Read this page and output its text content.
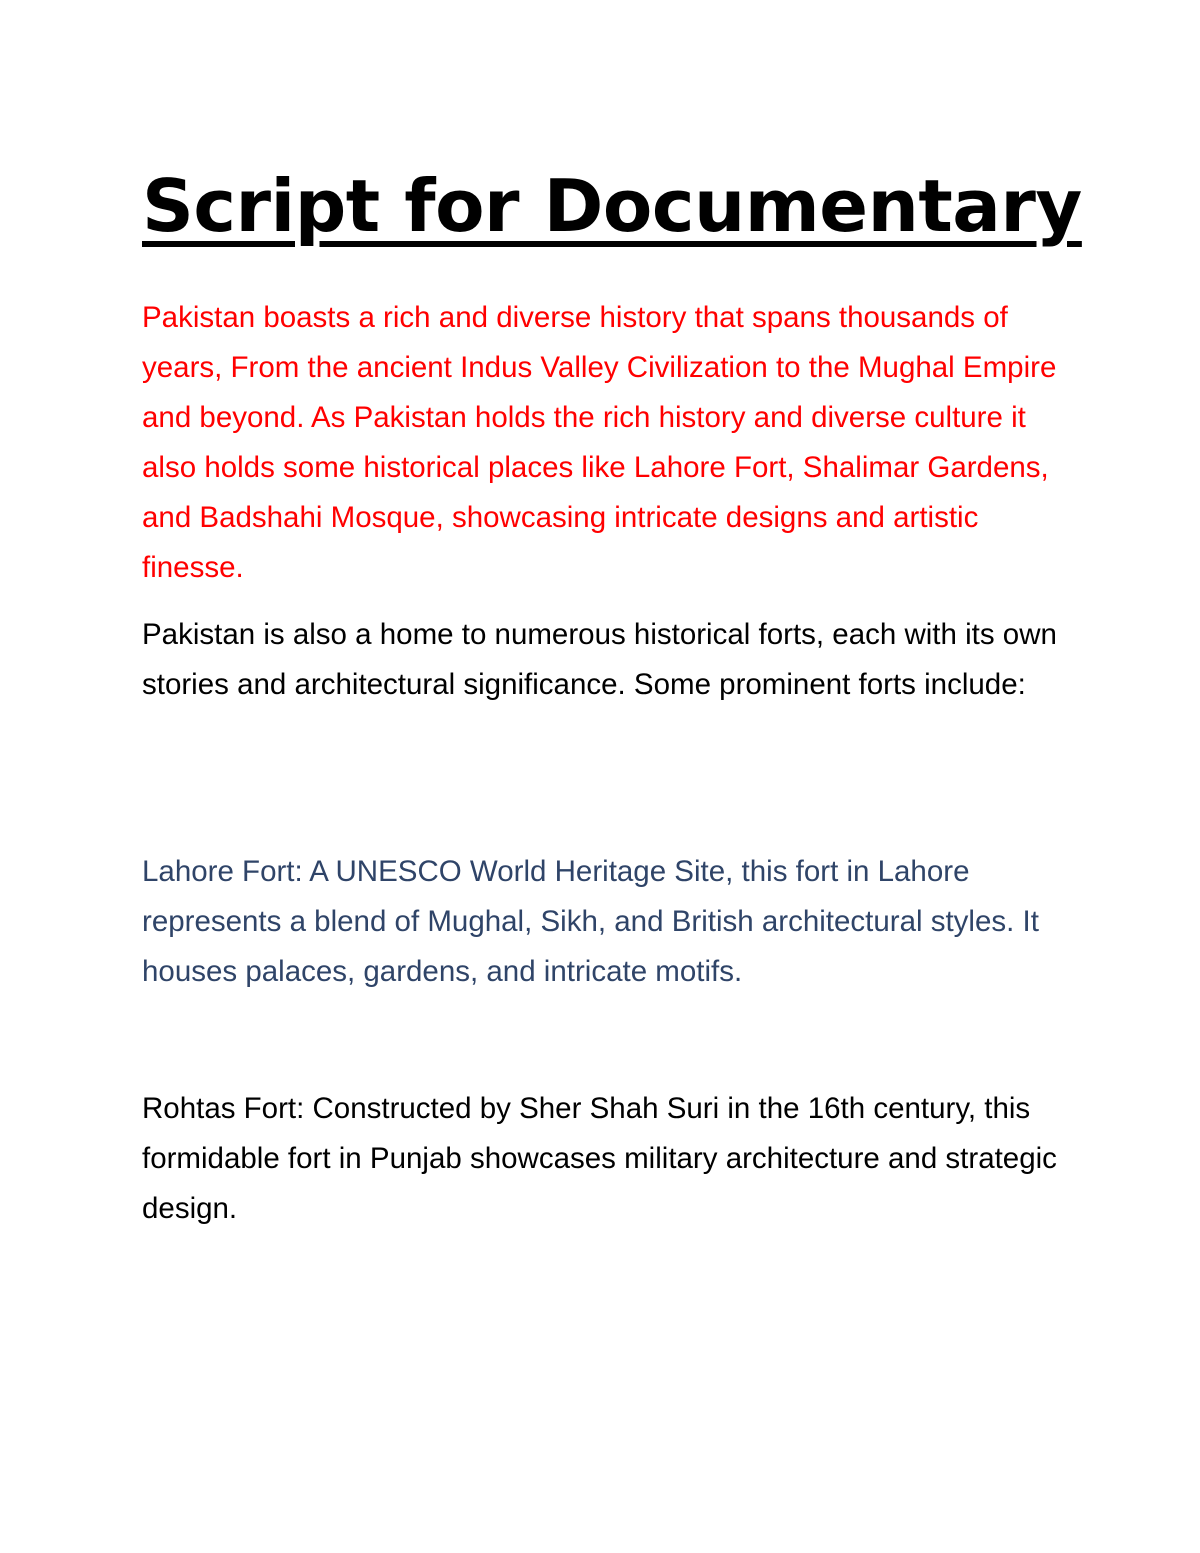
Script for Documentary

Pakistan boasts a rich and diverse history that spans thousands of years, From the ancient Indus Valley Civilization to the Mughal Empire and beyond. As Pakistan holds the rich history and diverse culture it also holds some historical places like Lahore Fort, Shalimar Gardens, and Badshahi Mosque, showcasing intricate designs and artistic finesse.

Pakistan is also a home to numerous historical forts, each with its own stories and architectural significance. Some prominent forts include:

Lahore Fort: A UNESCO World Heritage Site, this fort in Lahore represents a blend of Mughal, Sikh, and British architectural styles. It houses palaces, gardens, and intricate motifs.

Rohtas Fort: Constructed by Sher Shah Suri in the 16th century, this formidable fort in Punjab showcases military architecture and strategic design.
